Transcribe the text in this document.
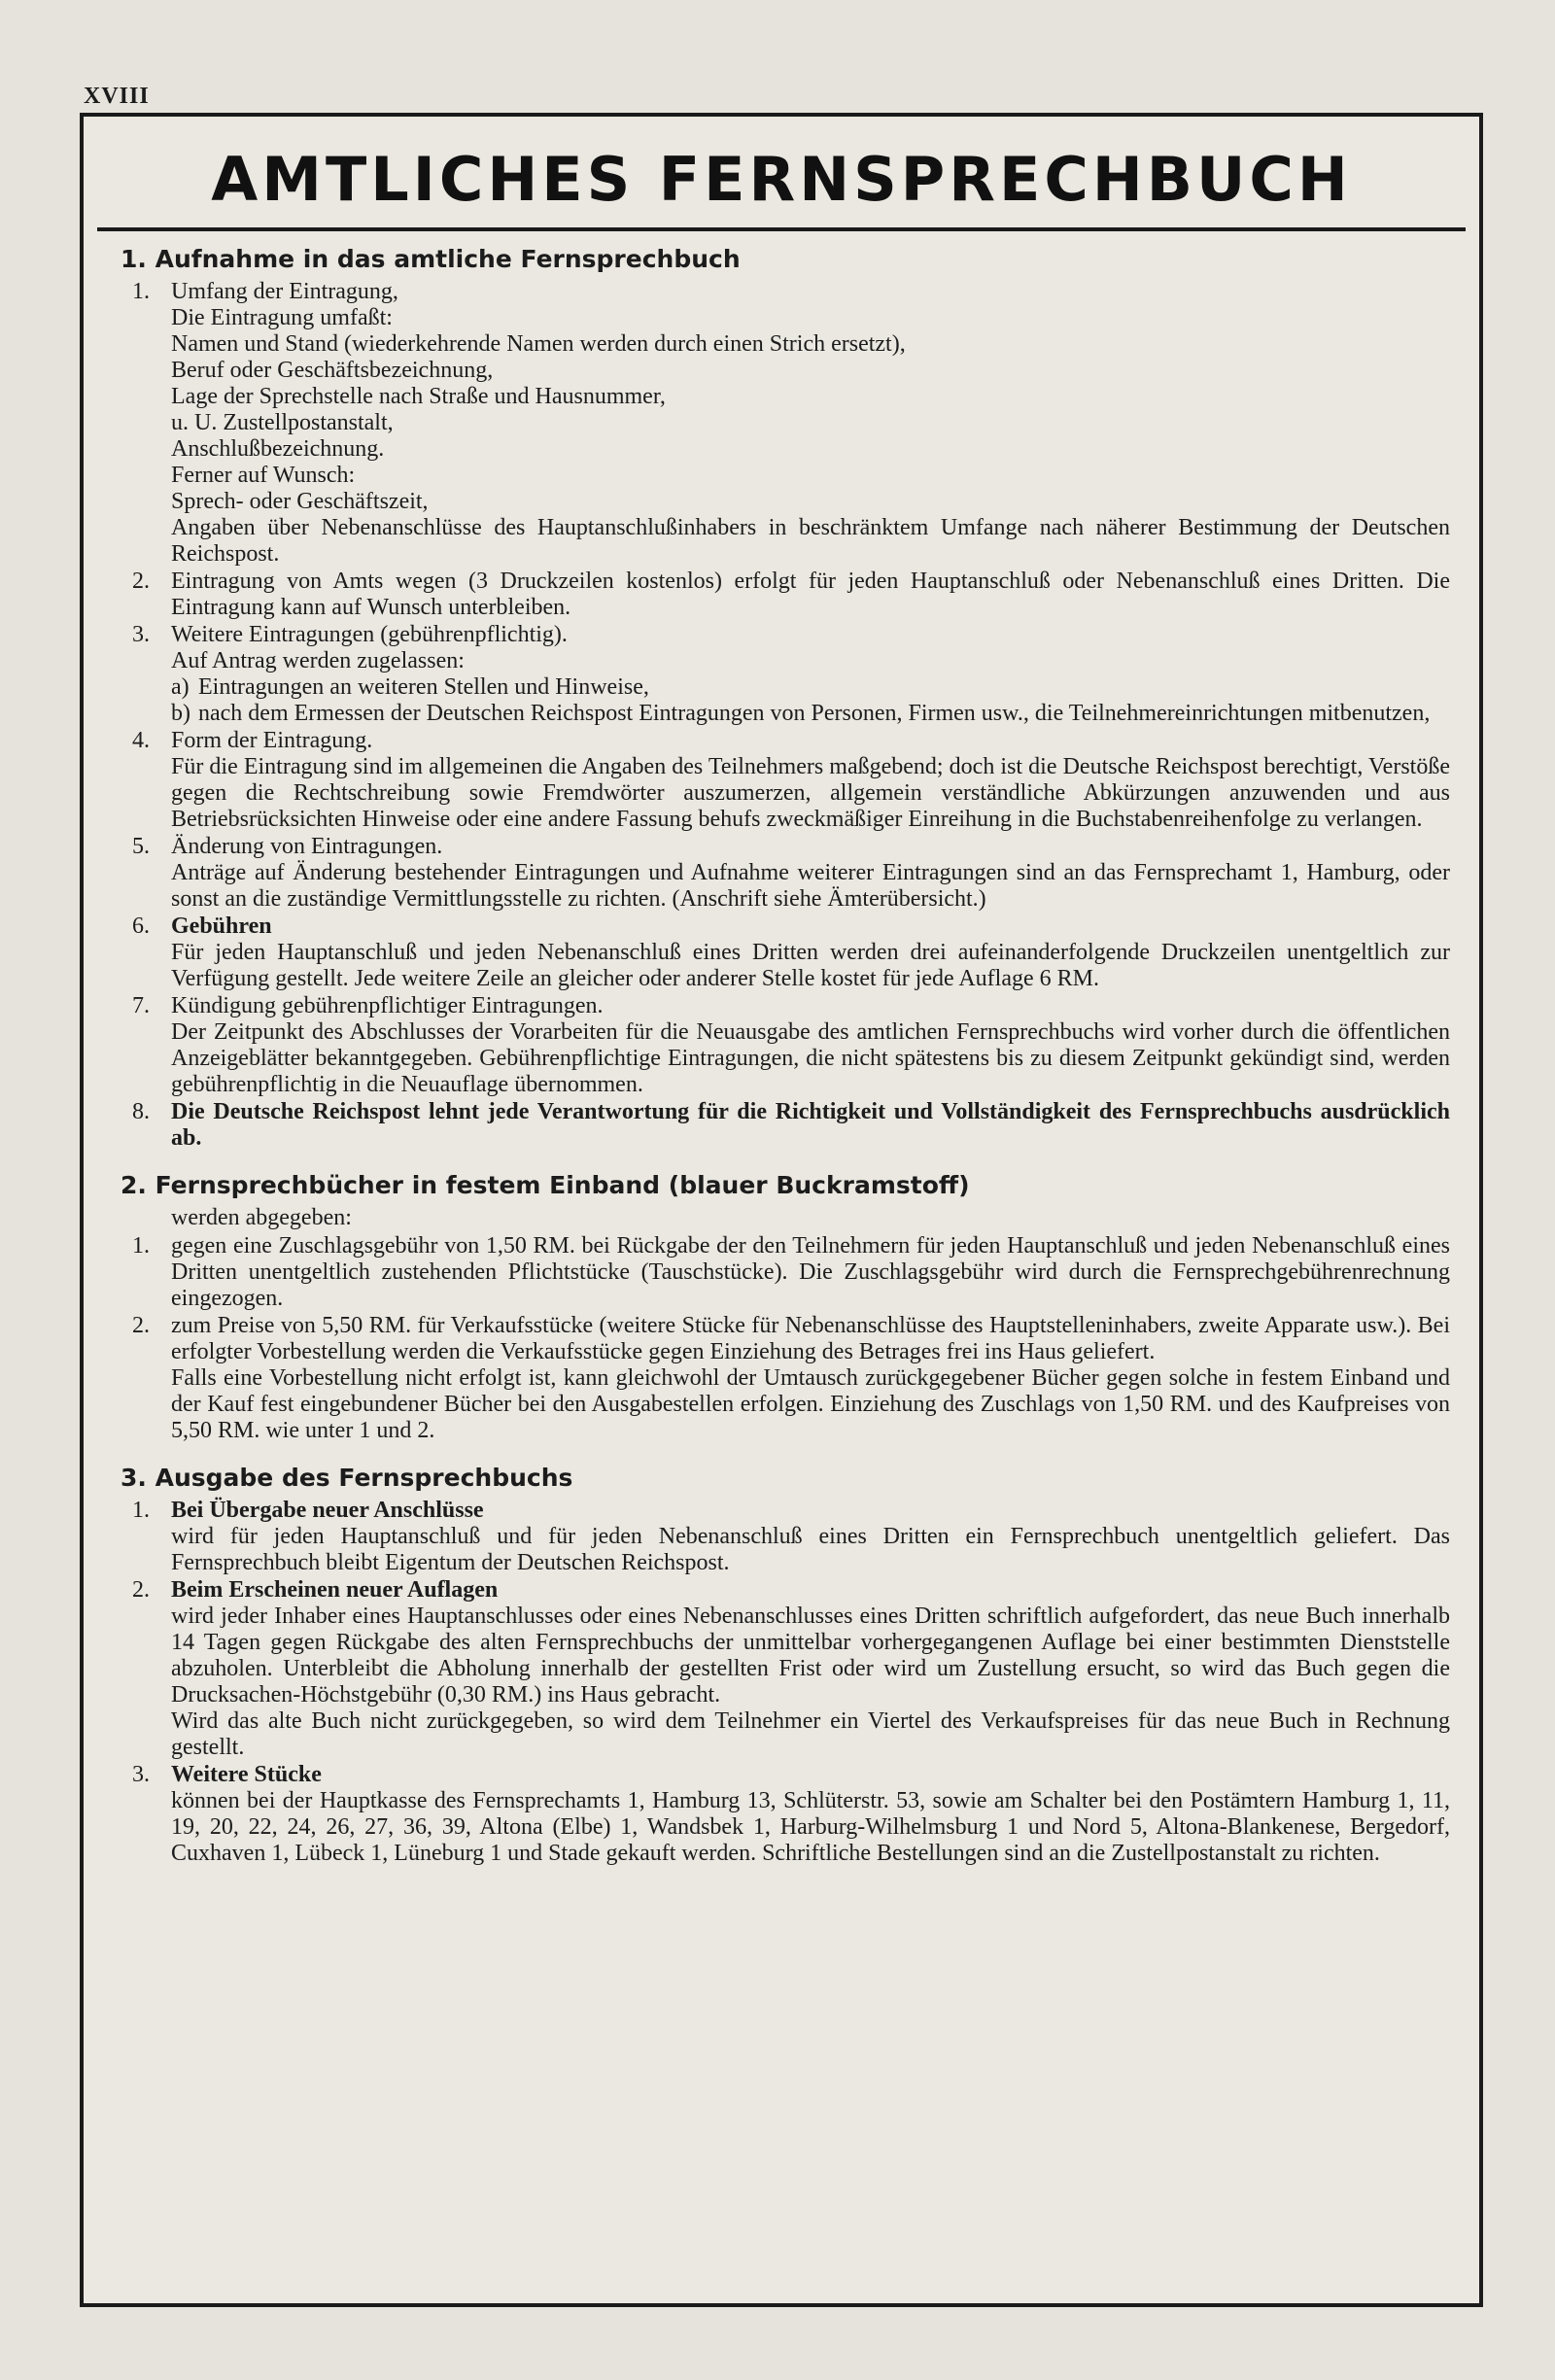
XVIII
AMTLICHES FERNSPRECHBUCH
1. Aufnahme in das amtliche Fernsprechbuch
1. Umfang der Eintragung,

Die Eintragung umfaßt:

Namen und Stand (wiederkehrende Namen werden durch einen Strich ersetzt),

Beruf oder Geschäftsbezeichnung,

Lage der Sprechstelle nach Straße und Hausnummer,

u. U. Zustellpostanstalt,

Anschlußbezeichnung.

Ferner auf Wunsch:

Sprech- oder Geschäftszeit,

Angaben über Nebenanschlüsse des Hauptanschlußinhabers in beschränktem Umfange nach näherer Bestimmung der Deutschen Reichspost.

2. Eintragung von Amts wegen (3 Druckzeilen kostenlos) erfolgt für jeden Hauptanschluß oder Nebenanschluß eines Dritten. Die Eintragung kann auf Wunsch unterbleiben.

3. Weitere Eintragungen (gebührenpflichtig).

Auf Antrag werden zugelassen:

a) Eintragungen an weiteren Stellen und Hinweise,
b) nach dem Ermessen der Deutschen Reichspost Eintragungen von Personen, Firmen usw., die Teilnehmereinrichtungen mitbenutzen,
4. Form der Eintragung.

Für die Eintragung sind im allgemeinen die Angaben des Teilnehmers maßgebend; doch ist die Deutsche Reichspost berechtigt, Verstöße gegen die Rechtschreibung sowie Fremdwörter auszumerzen, allgemein verständliche Abkürzungen anzuwenden und aus Betriebsrücksichten Hinweise oder eine andere Fassung behufs zweckmäßiger Einreihung in die Buchstabenreihenfolge zu verlangen.

5. Änderung von Eintragungen.

Anträge auf Änderung bestehender Eintragungen und Aufnahme weiterer Eintragungen sind an das Fernsprechamt 1, Hamburg, oder sonst an die zuständige Vermittlungsstelle zu richten. (Anschrift siehe Ämterübersicht.)

6. Gebühren

Für jeden Hauptanschluß und jeden Nebenanschluß eines Dritten werden drei aufeinanderfolgende Druckzeilen unentgeltlich zur Verfügung gestellt. Jede weitere Zeile an gleicher oder anderer Stelle kostet für jede Auflage 6 RM.

7. Kündigung gebührenpflichtiger Eintragungen.

Der Zeitpunkt des Abschlusses der Vorarbeiten für die Neuausgabe des amtlichen Fernsprechbuchs wird vorher durch die öffentlichen Anzeigeblätter bekanntgegeben. Gebührenpflichtige Eintragungen, die nicht spätestens bis zu diesem Zeitpunkt gekündigt sind, werden gebührenpflichtig in die Neuauflage übernommen.

8. Die Deutsche Reichspost lehnt jede Verantwortung für die Richtigkeit und Vollständigkeit des Fernsprechbuchs ausdrücklich ab.

2. Fernsprechbücher in festem Einband (blauer Buckramstoff)

werden abgegeben:

1. gegen eine Zuschlagsgebühr von 1,50 RM. bei Rückgabe der den Teilnehmern für jeden Hauptanschluß und jeden Nebenanschluß eines Dritten unentgeltlich zustehenden Pflichtstücke (Tauschstücke). Die Zuschlagsgebühr wird durch die Fernsprechgebührenrechnung eingezogen.

2. zum Preise von 5,50 RM. für Verkaufsstücke (weitere Stücke für Nebenanschlüsse des Hauptstelleninhabers, zweite Apparate usw.). Bei erfolgter Vorbestellung werden die Verkaufsstücke gegen Einziehung des Betrages frei ins Haus geliefert.

Falls eine Vorbestellung nicht erfolgt ist, kann gleichwohl der Umtausch zurückgegebener Bücher gegen solche in festem Einband und der Kauf fest eingebundener Bücher bei den Ausgabestellen erfolgen. Einziehung des Zuschlags von 1,50 RM. und des Kaufpreises von 5,50 RM. wie unter 1 und 2.

3. Ausgabe des Fernsprechbuchs
1. Bei Übergabe neuer Anschlüsse

wird für jeden Hauptanschluß und für jeden Nebenanschluß eines Dritten ein Fernsprechbuch unentgeltlich geliefert. Das Fernsprechbuch bleibt Eigentum der Deutschen Reichspost.

2. Beim Erscheinen neuer Auflagen

wird jeder Inhaber eines Hauptanschlusses oder eines Nebenanschlusses eines Dritten schriftlich aufgefordert, das neue Buch innerhalb 14 Tagen gegen Rückgabe des alten Fernsprechbuchs der unmittelbar vorhergegangenen Auflage bei einer bestimmten Dienststelle abzuholen. Unterbleibt die Abholung innerhalb der gestellten Frist oder wird um Zustellung ersucht, so wird das Buch gegen die Drucksachen-Höchstgebühr (0,30 RM.) ins Haus gebracht.

Wird das alte Buch nicht zurückgegeben, so wird dem Teilnehmer ein Viertel des Verkaufspreises für das neue Buch in Rechnung gestellt.

3. Weitere Stücke

können bei der Hauptkasse des Fernsprechamts 1, Hamburg 13, Schlüterstr. 53, sowie am Schalter bei den Postämtern Hamburg 1, 11, 19, 20, 22, 24, 26, 27, 36, 39, Altona (Elbe) 1, Wandsbek 1, Harburg-Wilhelmsburg 1 und Nord 5, Altona-Blankenese, Bergedorf, Cuxhaven 1, Lübeck 1, Lüneburg 1 und Stade gekauft werden. Schriftliche Bestellungen sind an die Zustellpostanstalt zu richten.
